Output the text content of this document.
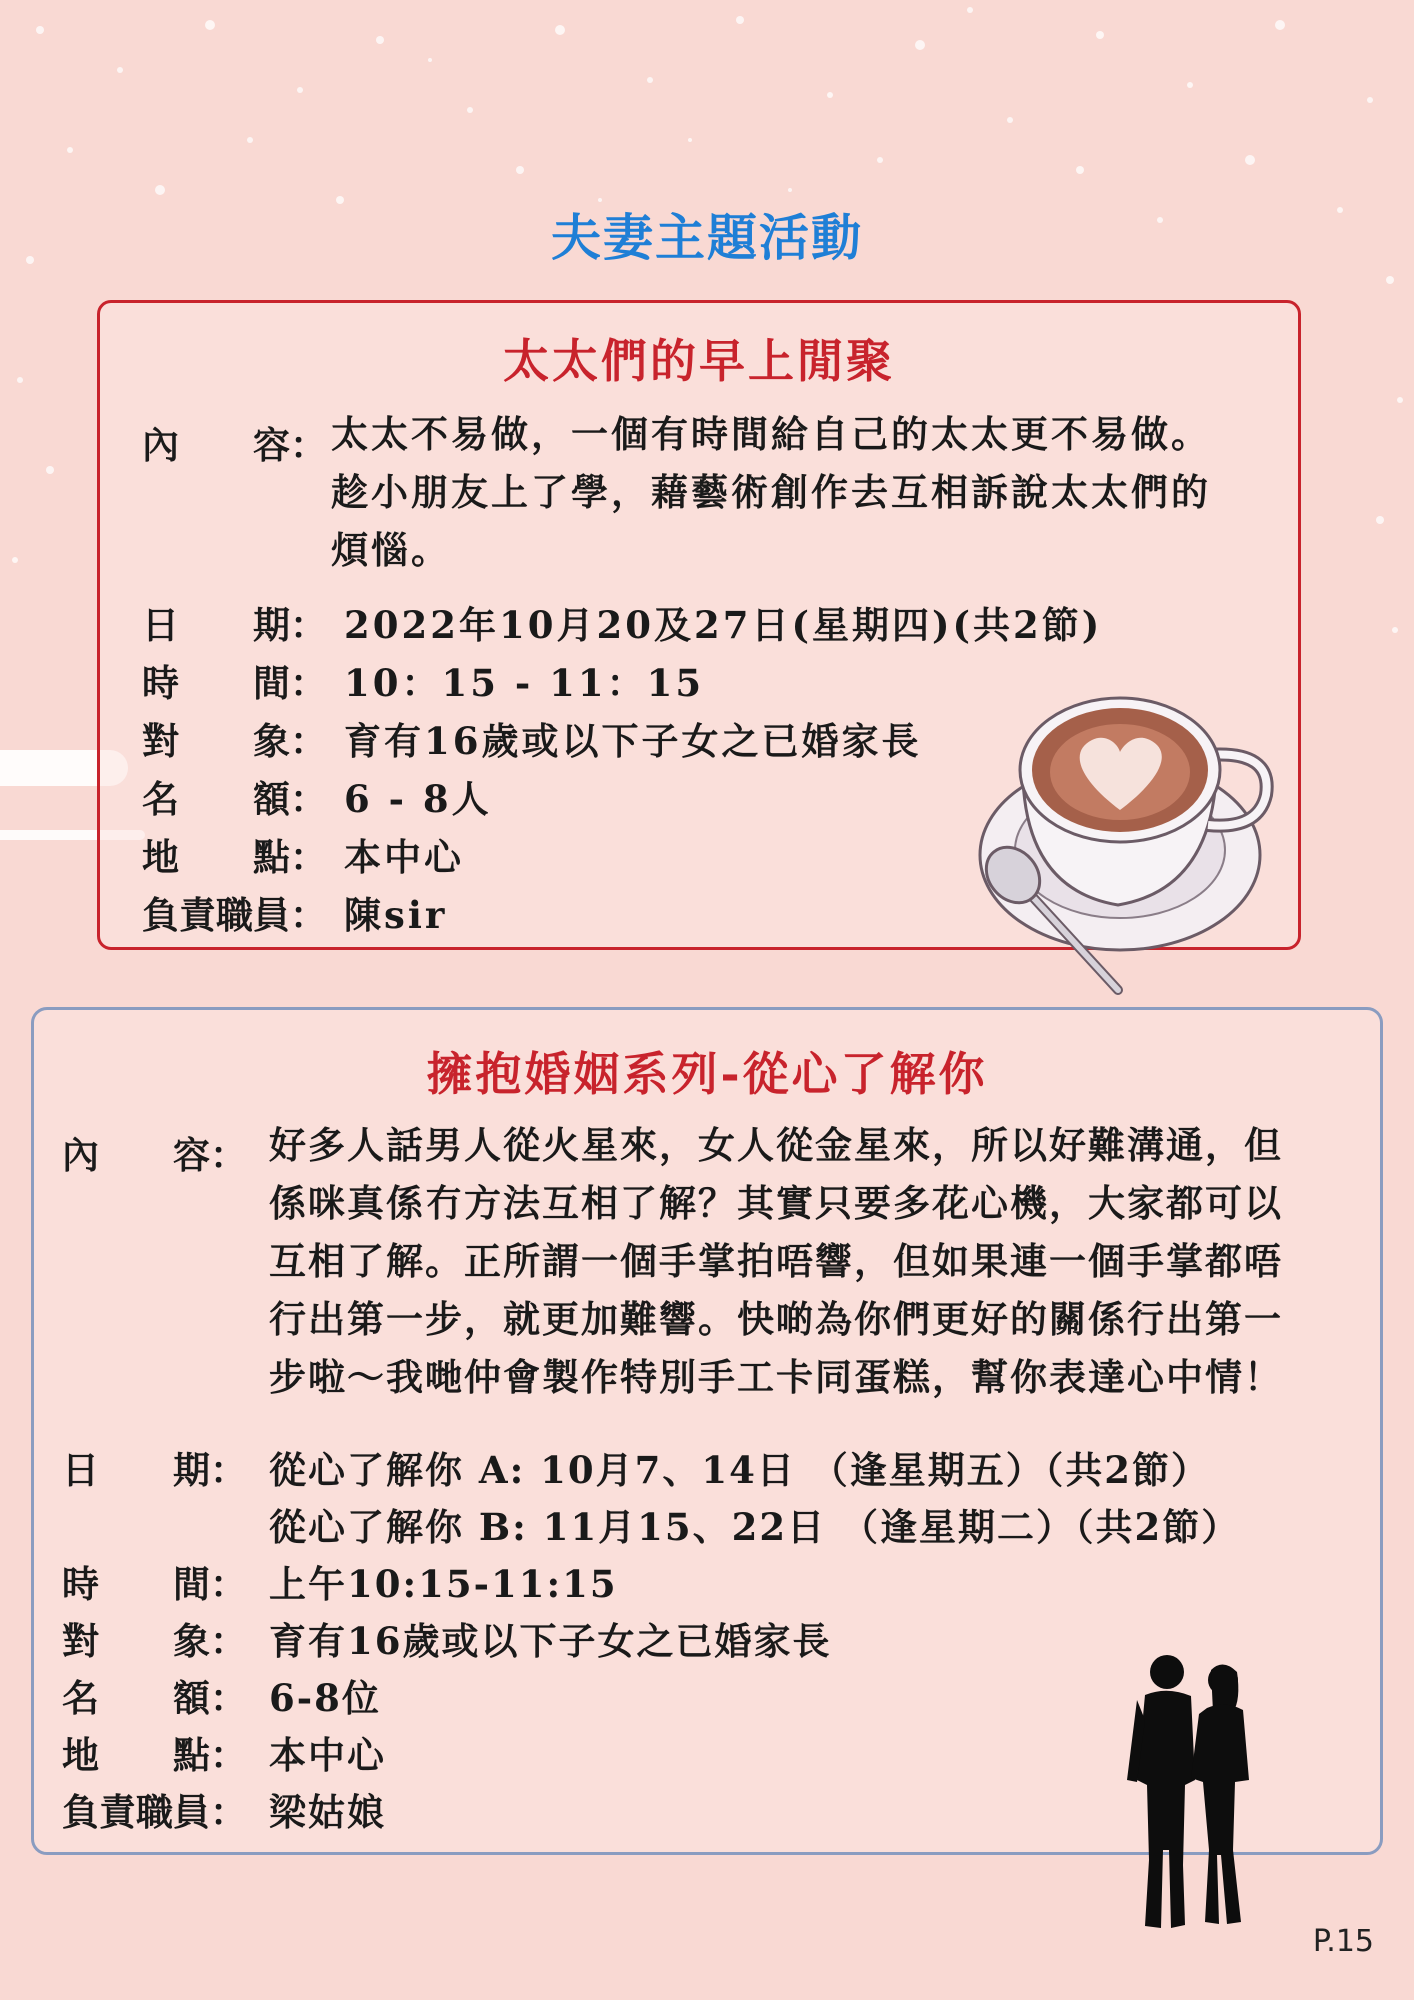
夫妻主題活動
太太們的早上閒聚
內　　容： 太太不易做，一個有時間給自己的太太更不易做。
趁小朋友上了學，藉藝術創作去互相訴說太太們的
煩惱。
日　　期： 2022年10月20及27日(星期四)(共2節)
時　　間： 10：15 - 11：15
對　　象： 育有16歲或以下子女之已婚家長
名　　額： 6 - 8人
地　　點： 本中心
負責職員： 陳sir
擁抱婚姻系列-從心了解你
內　　容： 好多人話男人從火星來，女人從金星來，所以好難溝通，但
係咪真係冇方法互相了解？其實只要多花心機，大家都可以
互相了解。正所謂一個手掌拍唔響，但如果連一個手掌都唔
行出第一步，就更加難響。快啲為你們更好的關係行出第一
步啦～我哋仲會製作特別手工卡同蛋糕，幫你表達心中情！
日　　期： 從心了解你 A: 10月7、14日 （逢星期五）（共2節）
從心了解你 B: 11月15、22日 （逢星期二）（共2節）
時　　間： 上午10:15-11:15
對　　象： 育有16歲或以下子女之已婚家長
名　　額： 6-8位
地　　點： 本中心
負責職員： 梁姑娘
P.15
